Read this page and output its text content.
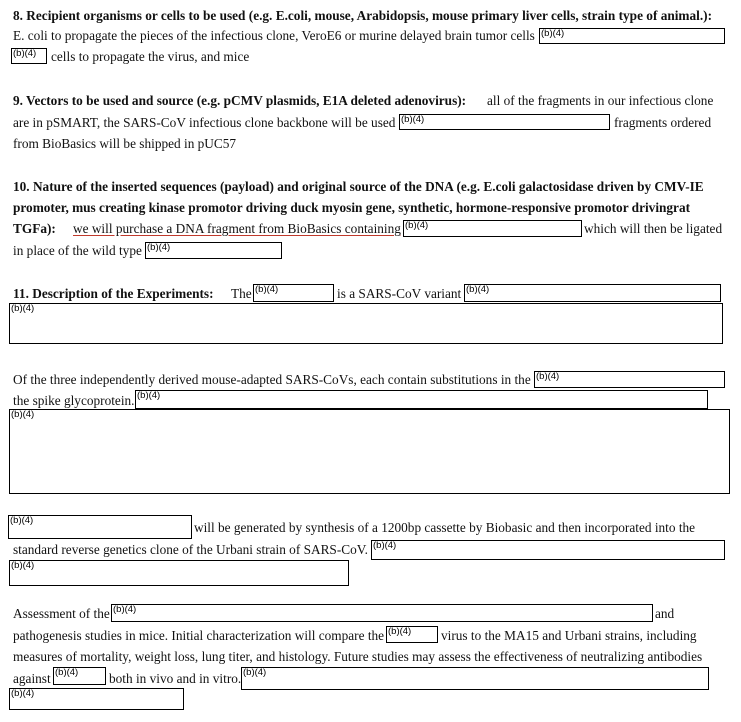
8. Recipient organisms or cells to be used (e.g. E.coli, mouse, Arabidopsis, mouse primary liver cells, strain type of animal.):
E. coli to propagate the pieces of the infectious clone, VeroE6 or murine delayed brain tumor cells (b)(4)
(b)(4) cells to propagate the virus, and mice
9. Vectors to be used and source (e.g. pCMV plasmids, E1A deleted adenovirus): all of the fragments in our infectious clone
are in pSMART, the SARS-CoV infectious clone backbone will be used (b)(4)	fragments ordered
from BioBasics will be shipped in pUC57
10. Nature of the inserted sequences (payload) and original source of the DNA (e.g. E.coli galactosidase driven by CMV-IE
promoter, mus creating kinase promotor driving duck myosin gene, synthetic, hormone-responsive promotor drivingrat
TGFa): we will purchase a DNA fragment from BioBasics containing (b)(4)	which will then be ligated
in place of the wild type (b)(4)
11. Description of the Experiments: The (b)(4)	is a SARS-CoV variant (b)(4)
(b)(4)
Of the three independently derived mouse-adapted SARS-CoVs, each contain substitutions in the (b)(4)
the spike glycoprotein. (b)(4)
(b)(4)
(b)(4)	will be generated by synthesis of a 1200bp cassette by Biobasic and then incorporated into the
standard reverse genetics clone of the Urbani strain of SARS-CoV. (b)(4)
(b)(4)
Assessment of the (b)(4)	and
pathogenesis studies in mice. Initial characterization will compare the (b)(4) virus to the MA15 and Urbani strains, including
measures of mortality, weight loss, lung titer, and histology. Future studies may assess the effectiveness of neutralizing antibodies
against (b)(4) both in vivo and in vitro. (b)(4)
(b)(4)
